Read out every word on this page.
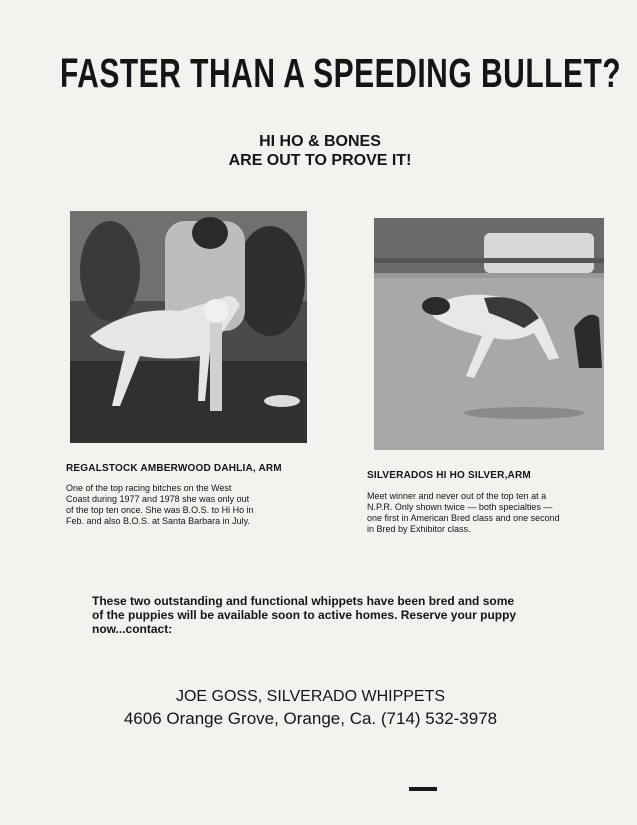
FASTER THAN A SPEEDING BULLET?
HI HO & BONES
ARE OUT TO PROVE IT!
REGALSTOCK AMBERWOOD DAHLIA, ARM
One of the top racing bitches on the West
Coast during 1977 and 1978 she was only out
of the top ten once. She was B.O.S. to Hi Ho in
Feb. and also B.O.S. at Santa Barbara in July.
SILVERADOS HI HO SILVER,ARM
Meet winner and never out of the top ten at a
N.P.R. Only shown twice — both specialties —
one first in American Bred class and one second
in Bred by Exhibitor class.
These two outstanding and functional whippets have been bred and some
of the puppies will be available soon to active homes. Reserve your puppy
now...contact:
JOE GOSS, SILVERADO WHIPPETS
4606 Orange Grove, Orange, Ca. (714) 532-3978
